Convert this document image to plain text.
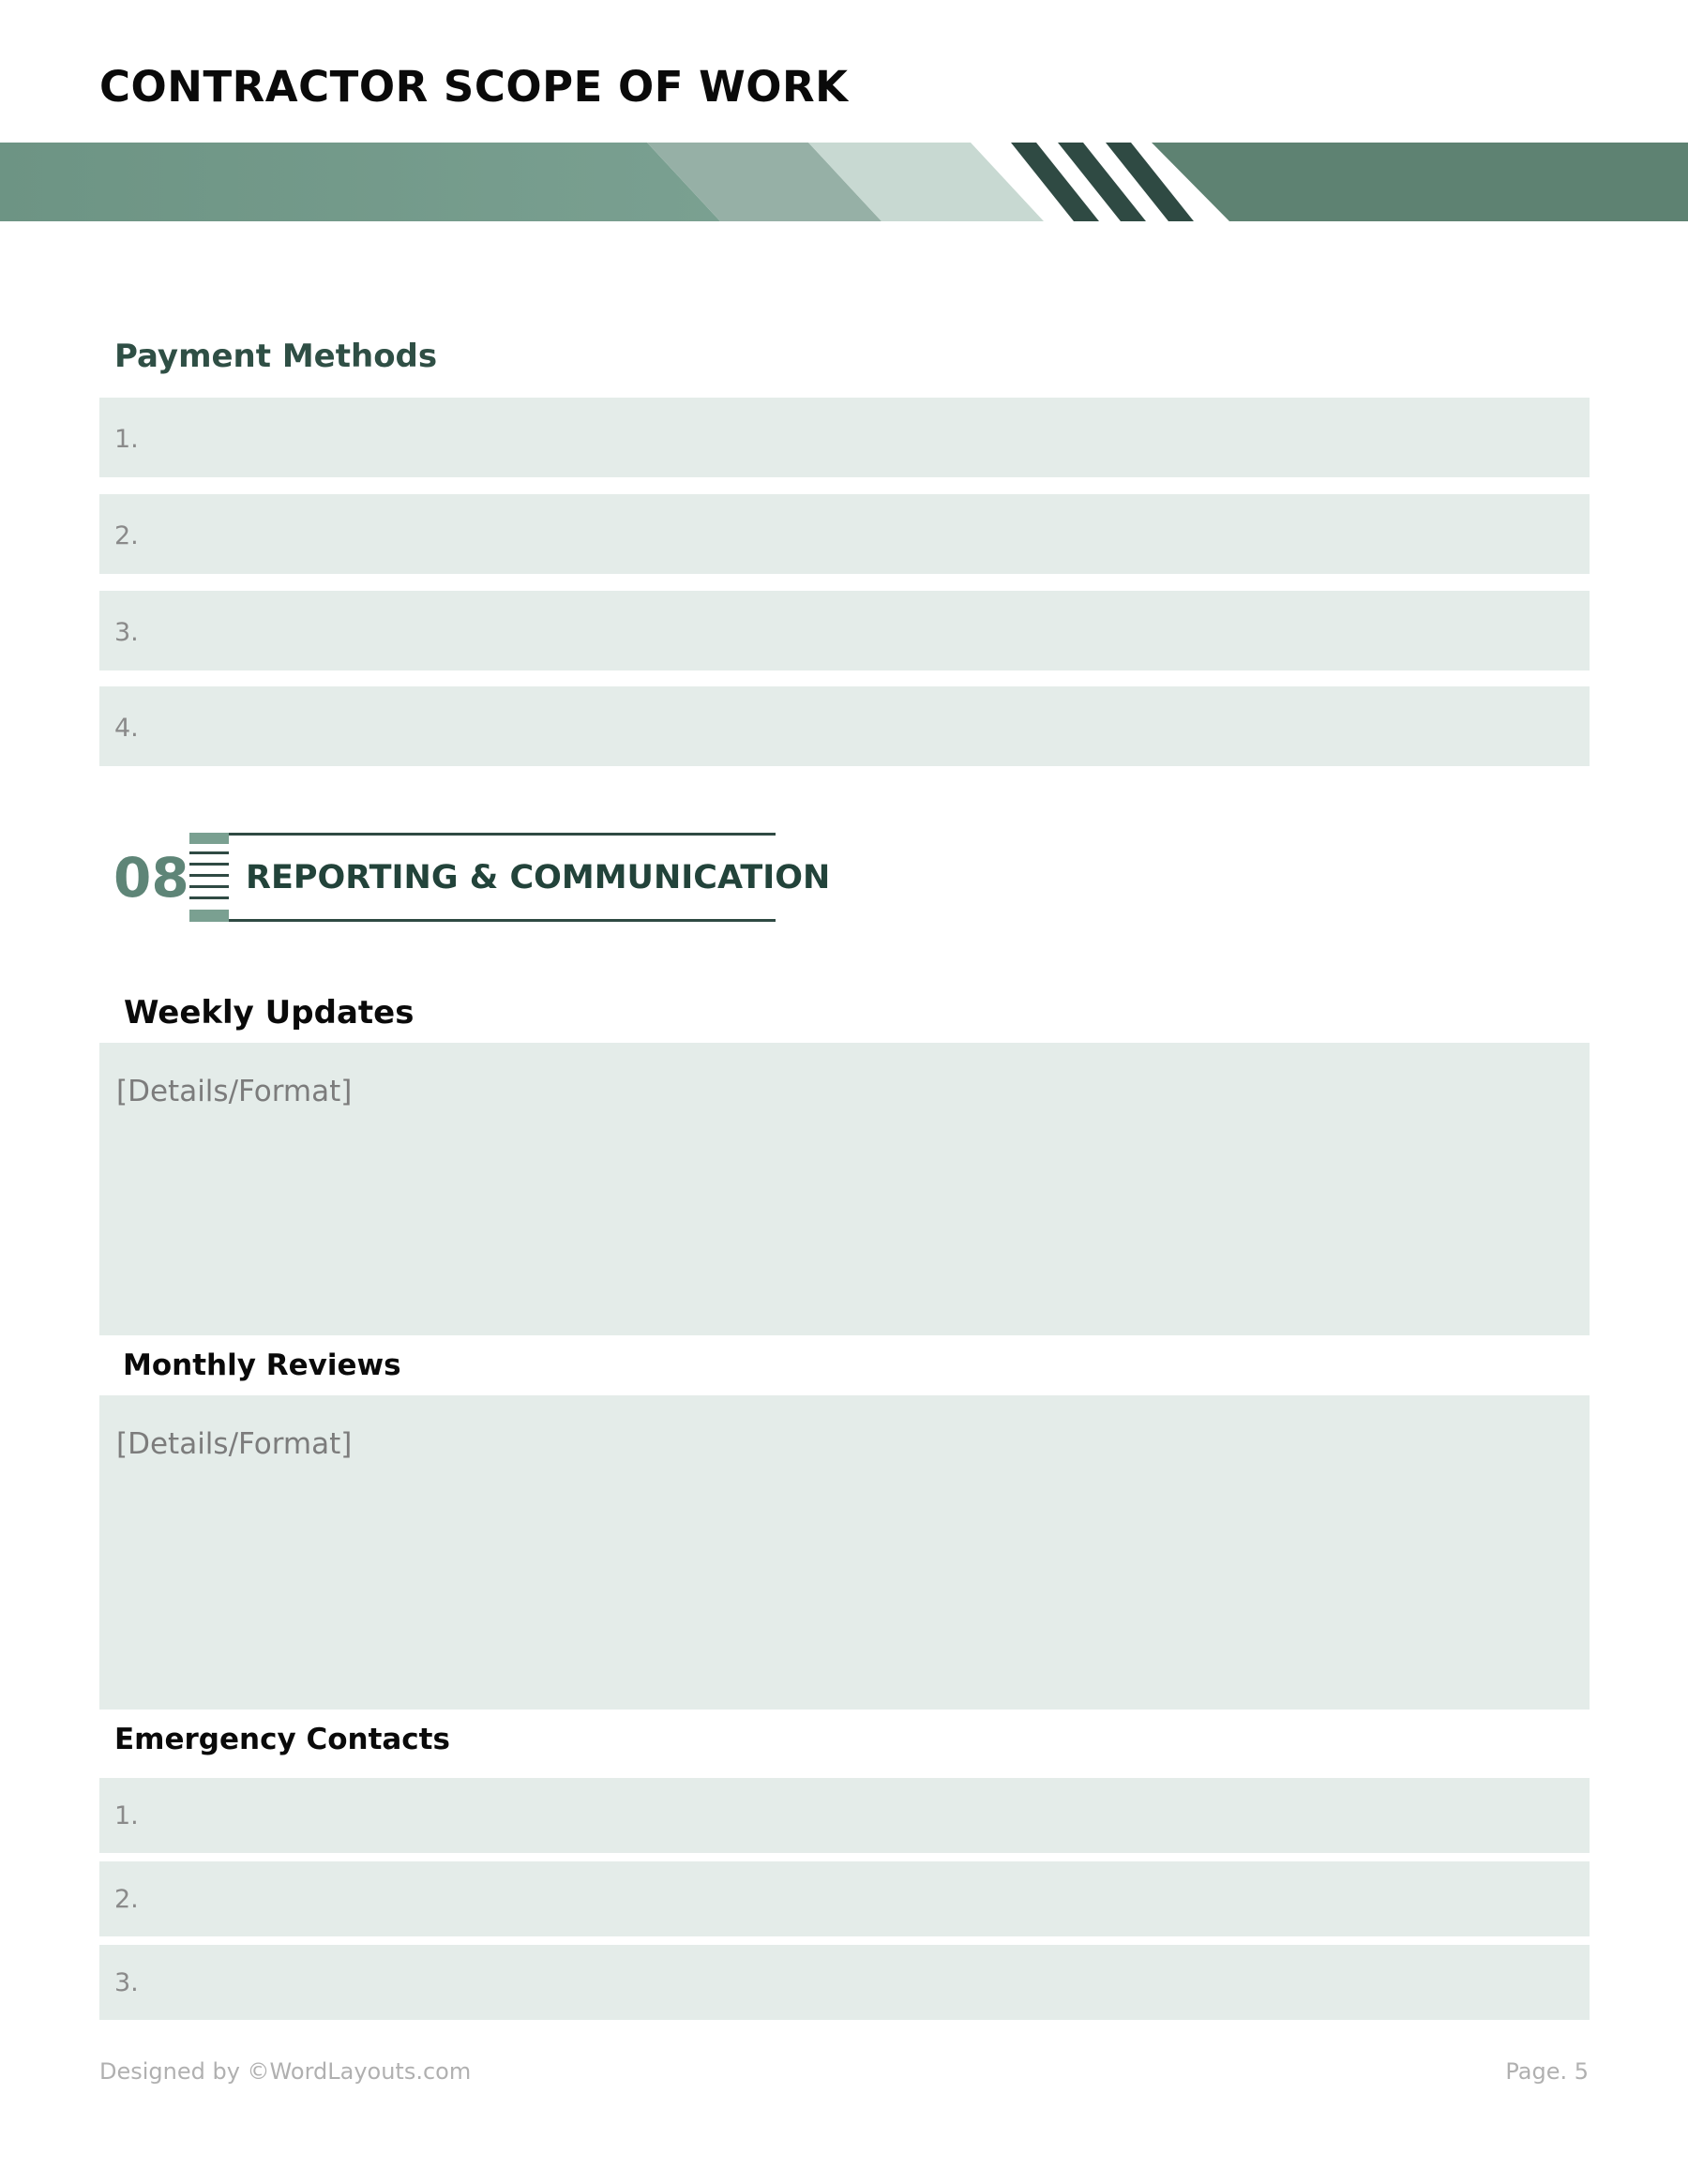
CONTRACTOR SCOPE OF WORK
Payment Methods
1.
2.
3.
4.
08 REPORTING & COMMUNICATION
Weekly Updates
[Details/Format]
Monthly Reviews
[Details/Format]
Emergency Contacts
1.
2.
3.
Designed by ©WordLayouts.com	Page. 5
